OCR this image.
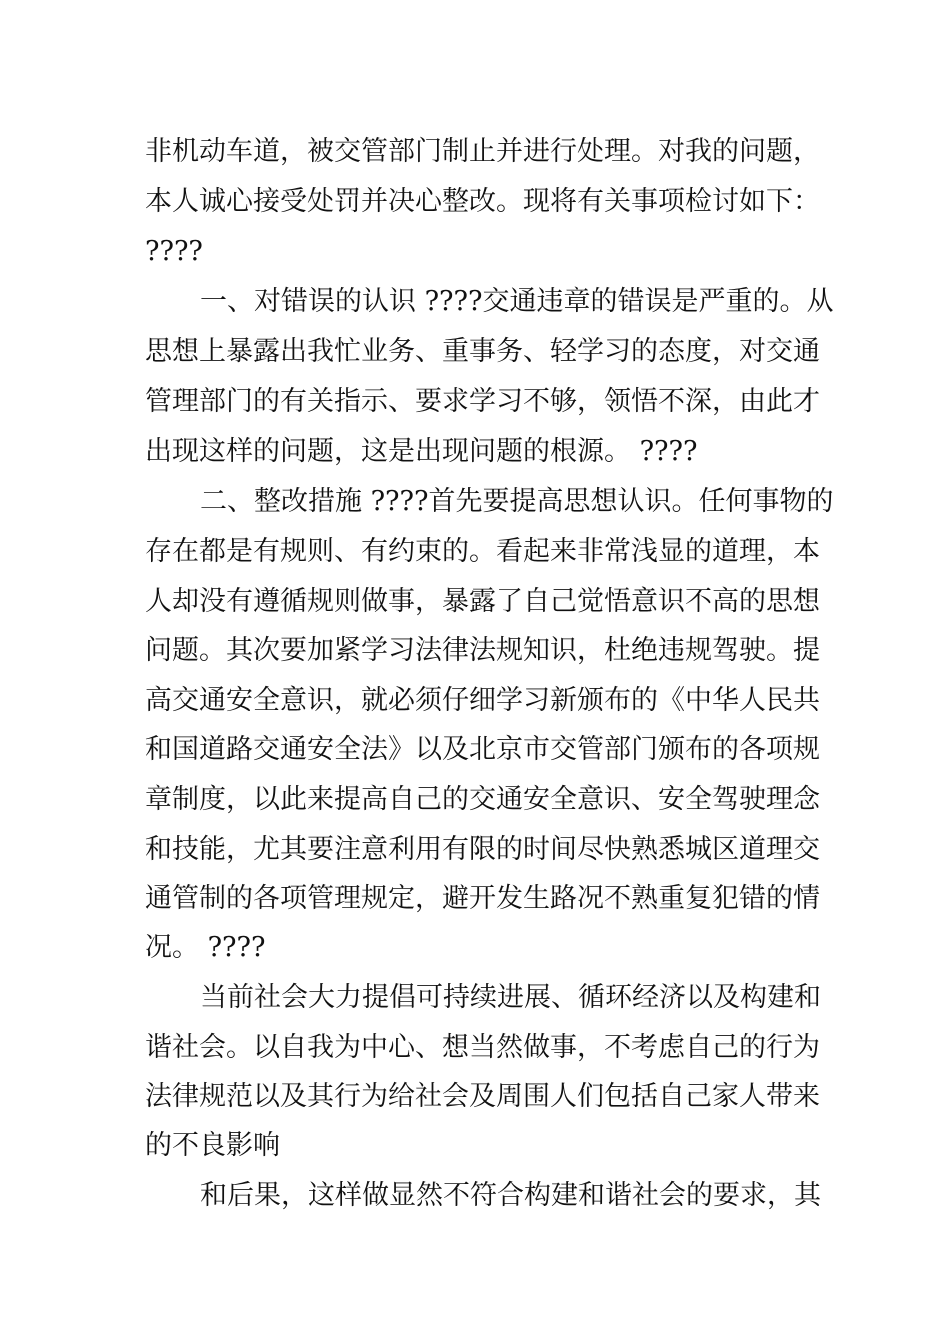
非机动车道，被交管部门制止并进行处理。对我的问题，
本人诚心接受处罚并决心整改。现将有关事项检讨如下：
????
一、对错误的认识 ????交通违章的错误是严重的。从
思想上暴露出我忙业务、重事务、轻学习的态度，对交通
管理部门的有关指示、要求学习不够，领悟不深，由此才
出现这样的问题，这是出现问题的根源。 ????
二、整改措施 ????首先要提高思想认识。任何事物的
存在都是有规则、有约束的。看起来非常浅显的道理，本
人却没有遵循规则做事，暴露了自己觉悟意识不高的思想
问题。其次要加紧学习法律法规知识，杜绝违规驾驶。提
高交通安全意识，就必须仔细学习新颁布的《中华人民共
和国道路交通安全法》以及北京市交管部门颁布的各项规
章制度，以此来提高自己的交通安全意识、安全驾驶理念
和技能，尤其要注意利用有限的时间尽快熟悉城区道理交
通管制的各项管理规定，避开发生路况不熟重复犯错的情
况。 ????
当前社会大力提倡可持续进展、循环经济以及构建和
谐社会。以自我为中心、想当然做事，不考虑自己的行为
法律规范以及其行为给社会及周围人们包括自己家人带来
的不良影响
和后果，这样做显然不符合构建和谐社会的要求，其
